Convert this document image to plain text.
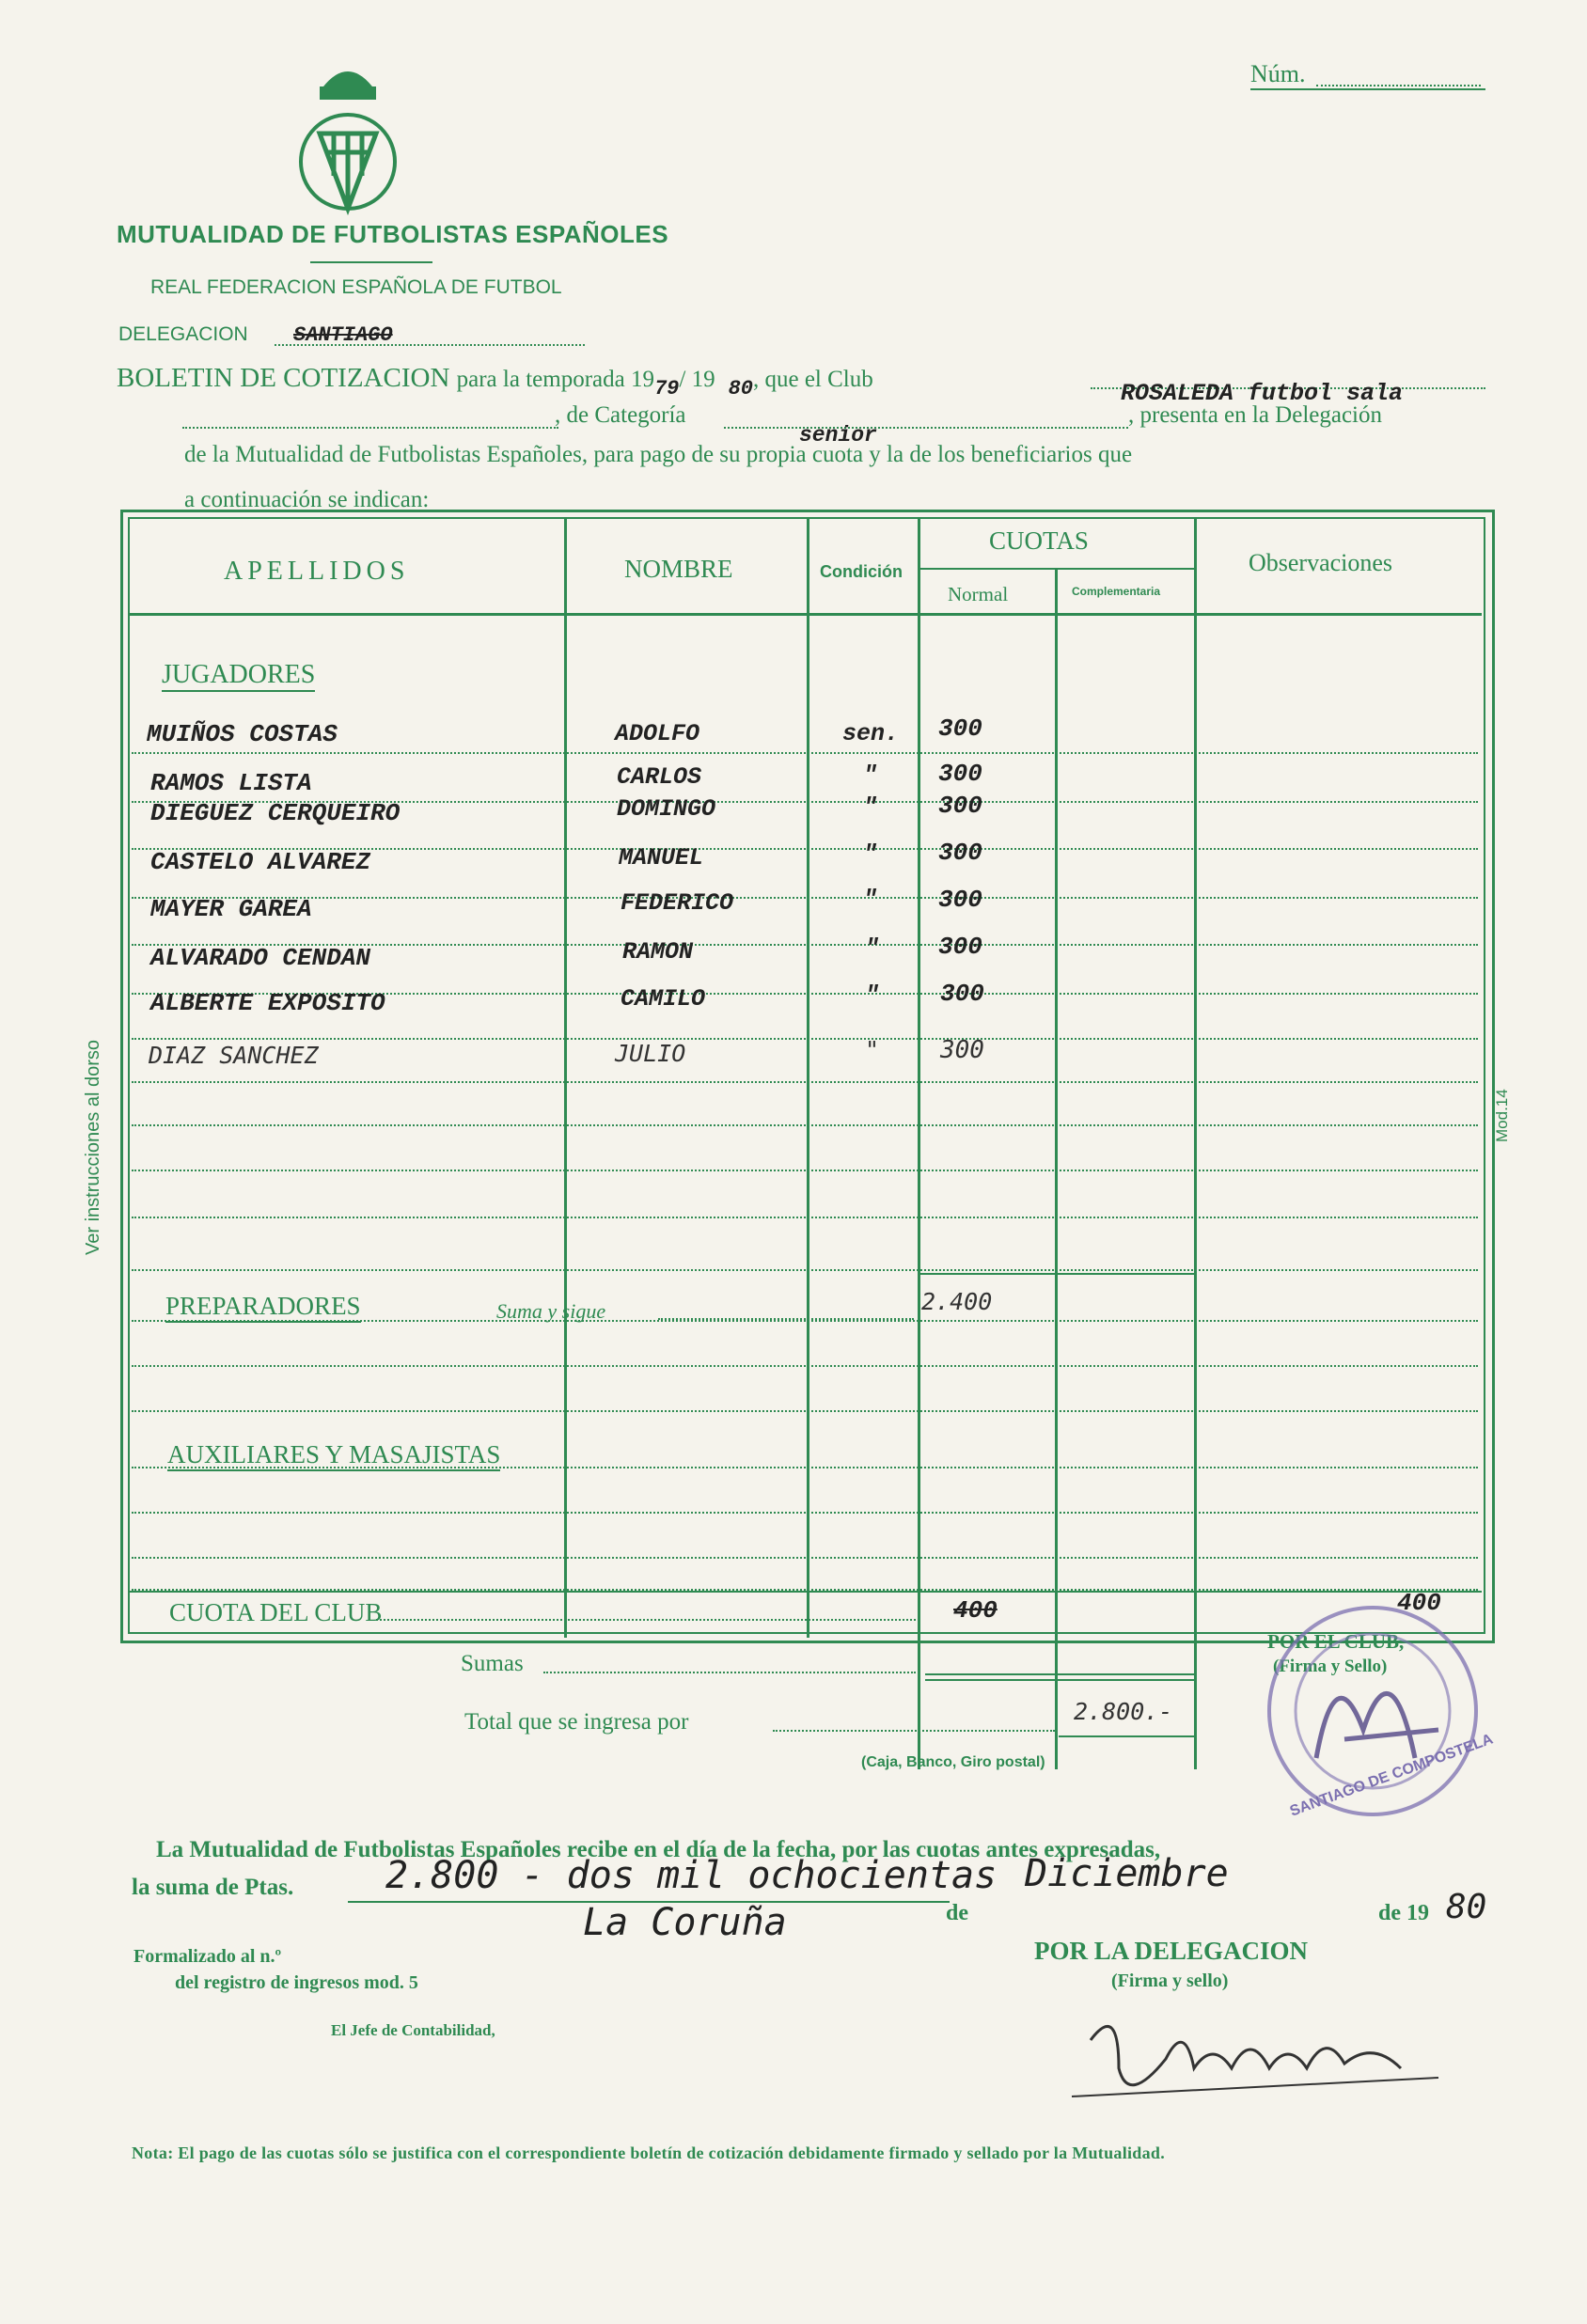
Núm.
MUTUALIDAD DE FUTBOLISTAS ESPAÑOLES
REAL FEDERACION ESPAÑOLA DE FUTBOL
DELEGACION SANTIAGO
BOLETIN DE COTIZACION para la temporada $19_{79}/$ 19 $_{80}$, que el Club
ROSALEDA futbol sala
, de Categoría	, presenta en la Delegación
senior
de la Mutualidad de Futbolistas Españoles, para pago de su propia cuota y la de los beneficiarios que
a continuación se indican:
APELLIDOS	NOMBRE	Condición
CUOTAS
Normal	Complementaria
Observaciones
JUGADORES
MUIÑOS COSTAS	ADOLFO	sen. 300
RAMOS LISTA	CARLOS	" 300
DIEGUEZ CERQUEIRO	DOMINGO	" 300
CASTELO ALVAREZ	MANUEL	" 300
MAYER GAREA	FEDERICO	" 300
ALVARADO CENDAN	RAMON	" 300
ALBERTE EXPOSITO	CAMILO	" 300
DIAZ SANCHEZ	JULIO	" 300
Ver instrucciones al dorso	Mod.14
PREPARADORES	Suma y sigue	2.400
AUXILIARES Y MASAJISTAS
CUOTA DEL CLUB	400
Sumas
Total que se ingresa por	2.800.-
(Caja, Banco, Giro postal)
400
POR EL CLUB,
(Firma y Sello)
SANTIAGO DE COMPOSTELA
La Mutualidad de Futbolistas Españoles recibe en el día de la fecha, por las cuotas antes expresadas,
la suma de Ptas. 2.800 - dos mil ochocientas
La Coruña	de
Diciembre
de 19 80
Formalizado al n.º
del registro de ingresos mod. 5
POR LA DELEGACION
(Firma y sello)
El Jefe de Contabilidad,
Nota: El pago de las cuotas sólo se justifica con el correspondiente boletín de cotización debidamente firmado y sellado por la Mutualidad.
